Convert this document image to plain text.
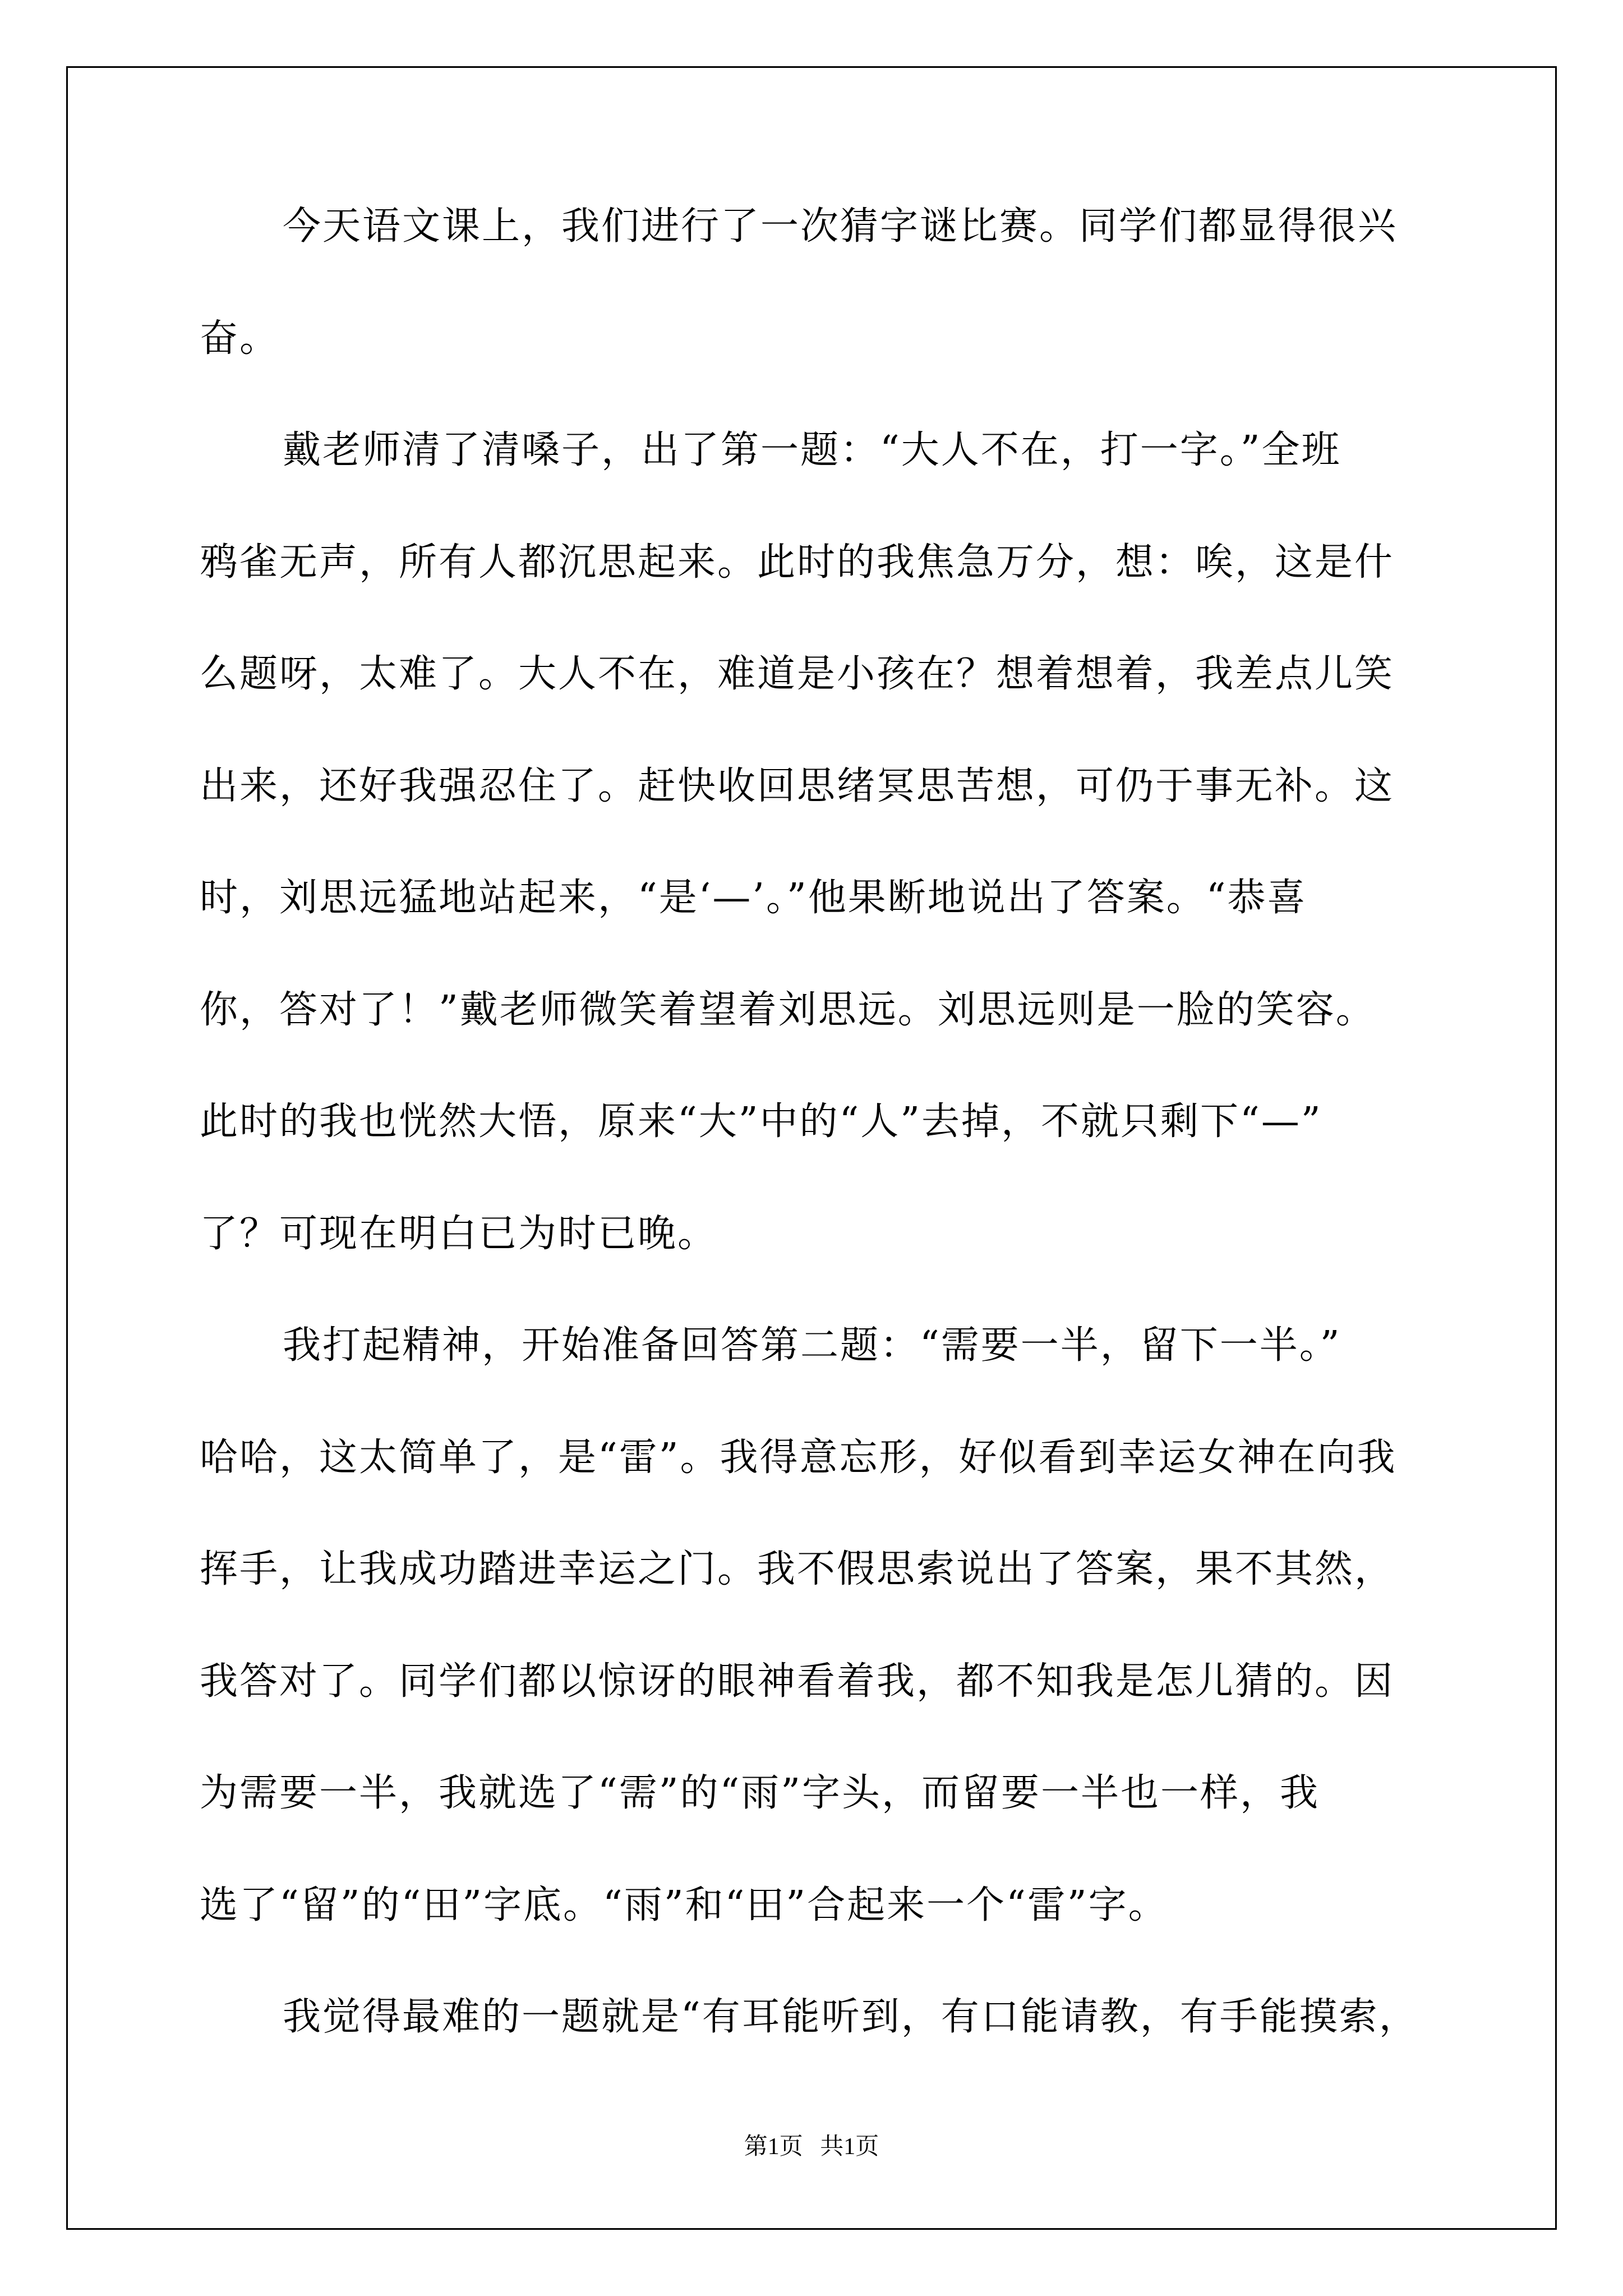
今天语文课上，我们进行了一次猜字谜比赛。同学们都显得很兴
奋。
戴老师清了清嗓子，出了第一题：“大人不在，打一字。”全班
鸦雀无声，所有人都沉思起来。此时的我焦急万分，想：唉，这是什
么题呀，太难了。大人不在，难道是小孩在？想着想着，我差点儿笑
出来，还好我强忍住了。赶快收回思绪冥思苦想，可仍于事无补。这
时，刘思远猛地站起来，“是‘—’。”他果断地说出了答案。“恭喜
你，答对了！”戴老师微笑着望着刘思远。刘思远则是一脸的笑容。
此时的我也恍然大悟，原来“大”中的“人”去掉，不就只剩下“—”
了？可现在明白已为时已晚。
我打起精神，开始准备回答第二题：“需要一半，留下一半。”
哈哈，这太简单了，是“雷”。我得意忘形，好似看到幸运女神在向我
挥手，让我成功踏进幸运之门。我不假思索说出了答案，果不其然，
我答对了。同学们都以惊讶的眼神看着我，都不知我是怎儿猜的。因
为需要一半，我就选了“需”的“雨”字头，而留要一半也一样，我
选了“留”的“田”字底。“雨”和“田”合起来一个“雷”字。
我觉得最难的一题就是“有耳能听到，有口能请教，有手能摸索，
第1页 共1页
